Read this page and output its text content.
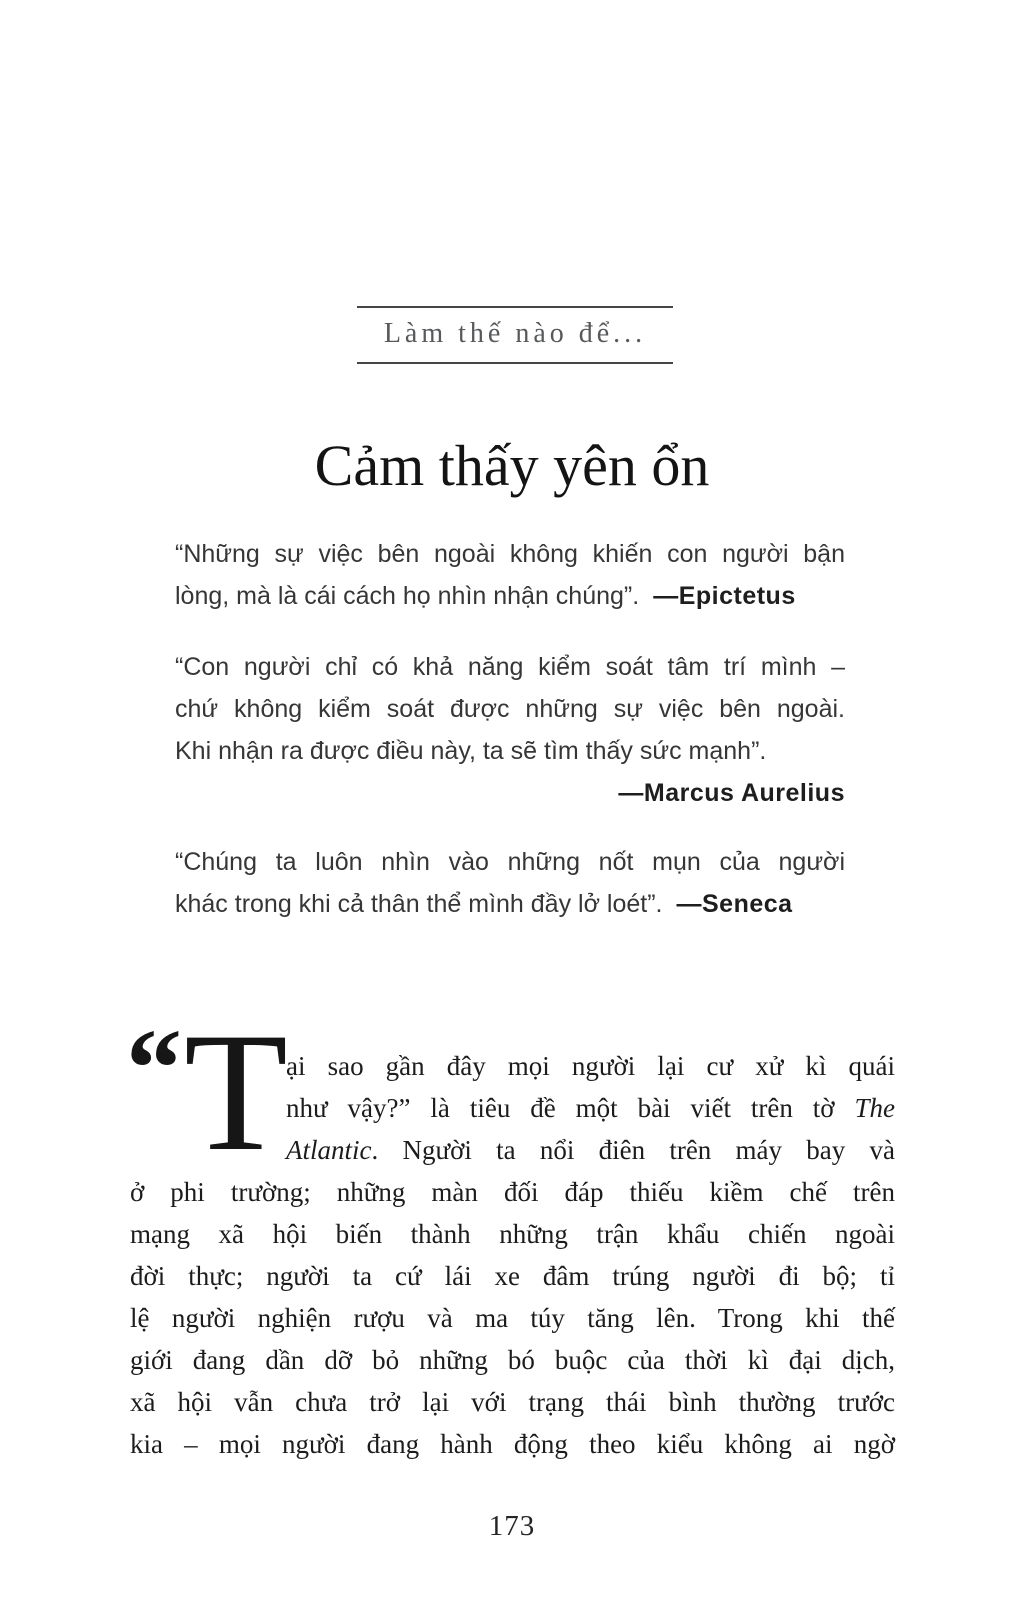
Làm thế nào để...
Cảm thấy yên ổn
“Những sự việc bên ngoài không khiến con người bận
lòng, mà là cái cách họ nhìn nhận chúng”. —Epictetus
“Con người chỉ có khả năng kiểm soát tâm trí mình –
chứ không kiểm soát được những sự việc bên ngoài.
Khi nhận ra được điều này, ta sẽ tìm thấy sức mạnh”.
—Marcus Aurelius
“Chúng ta luôn nhìn vào những nốt mụn của người
khác trong khi cả thân thể mình đầy lở loét”. —Seneca
“ T
ại sao gần đây mọi người lại cư xử kì quái
như vậy?” là tiêu đề một bài viết trên tờ The
Atlantic. Người ta nổi điên trên máy bay và
ở phi trường; những màn đối đáp thiếu kiềm chế trên
mạng xã hội biến thành những trận khẩu chiến ngoài
đời thực; người ta cứ lái xe đâm trúng người đi bộ; tỉ
lệ người nghiện rượu và ma túy tăng lên. Trong khi thế
giới đang dần dỡ bỏ những bó buộc của thời kì đại dịch,
xã hội vẫn chưa trở lại với trạng thái bình thường trước
kia – mọi người đang hành động theo kiểu không ai ngờ
173
